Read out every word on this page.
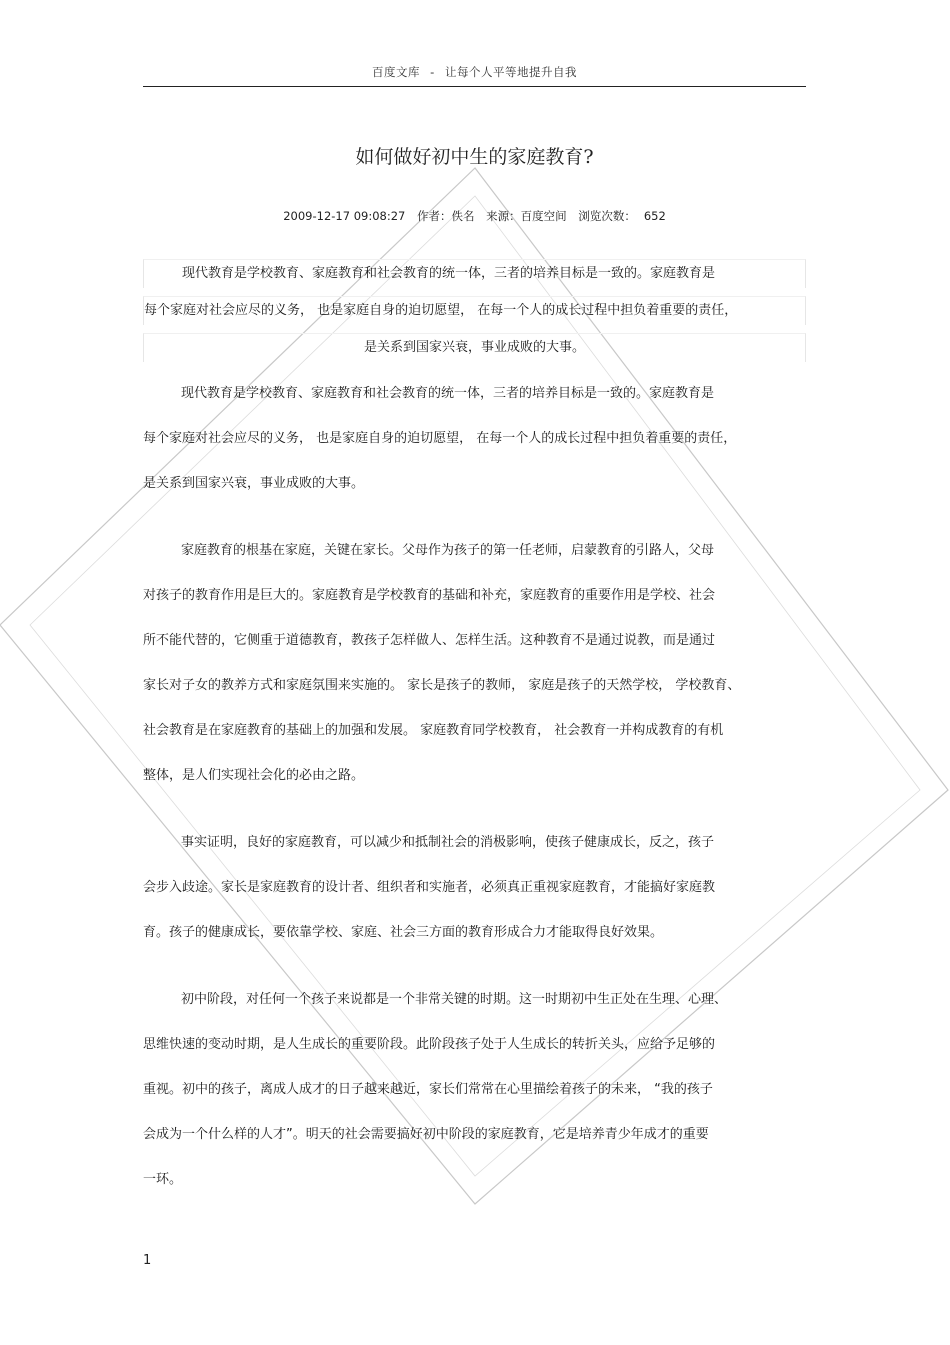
百度文库 - 让每个人平等地提升自我
如何做好初中生的家庭教育?
2009-12-17 09:08:27 作者：佚名 来源：百度空间 浏览次数： 652
现代教育是学校教育、家庭教育和社会教育的统一体，三者的培养目标是一致的。家庭教育是
每个家庭对社会应尽的义务， 也是家庭自身的迫切愿望， 在每一个人的成长过程中担负着重要的责任，
是关系到国家兴衰，事业成败的大事。
现代教育是学校教育、家庭教育和社会教育的统一体，三者的培养目标是一致的。家庭教育是
每个家庭对社会应尽的义务， 也是家庭自身的迫切愿望， 在每一个人的成长过程中担负着重要的责任，
是关系到国家兴衰，事业成败的大事。
家庭教育的根基在家庭，关键在家长。父母作为孩子的第一任老师，启蒙教育的引路人，父母
对孩子的教育作用是巨大的。家庭教育是学校教育的基础和补充，家庭教育的重要作用是学校、社会
所不能代替的，它侧重于道德教育，教孩子怎样做人、怎样生活。这种教育不是通过说教，而是通过
家长对子女的教养方式和家庭氛围来实施的。 家长是孩子的教师， 家庭是孩子的天然学校， 学校教育、
社会教育是在家庭教育的基础上的加强和发展。 家庭教育同学校教育， 社会教育一并构成教育的有机
整体，是人们实现社会化的必由之路。
事实证明，良好的家庭教育，可以减少和抵制社会的消极影响，使孩子健康成长，反之，孩子
会步入歧途。家长是家庭教育的设计者、组织者和实施者，必须真正重视家庭教育，才能搞好家庭教
育。孩子的健康成长，要依靠学校、家庭、社会三方面的教育形成合力才能取得良好效果。
初中阶段，对任何一个孩子来说都是一个非常关键的时期。这一时期初中生正处在生理、心理、
思维快速的变动时期，是人生成长的重要阶段。此阶段孩子处于人生成长的转折关头，应给予足够的
重视。初中的孩子，离成人成才的日子越来越近，家长们常常在心里描绘着孩子的未来， “我的孩子
会成为一个什么样的人才”。明天的社会需要搞好初中阶段的家庭教育，它是培养青少年成才的重要
一环。
1
